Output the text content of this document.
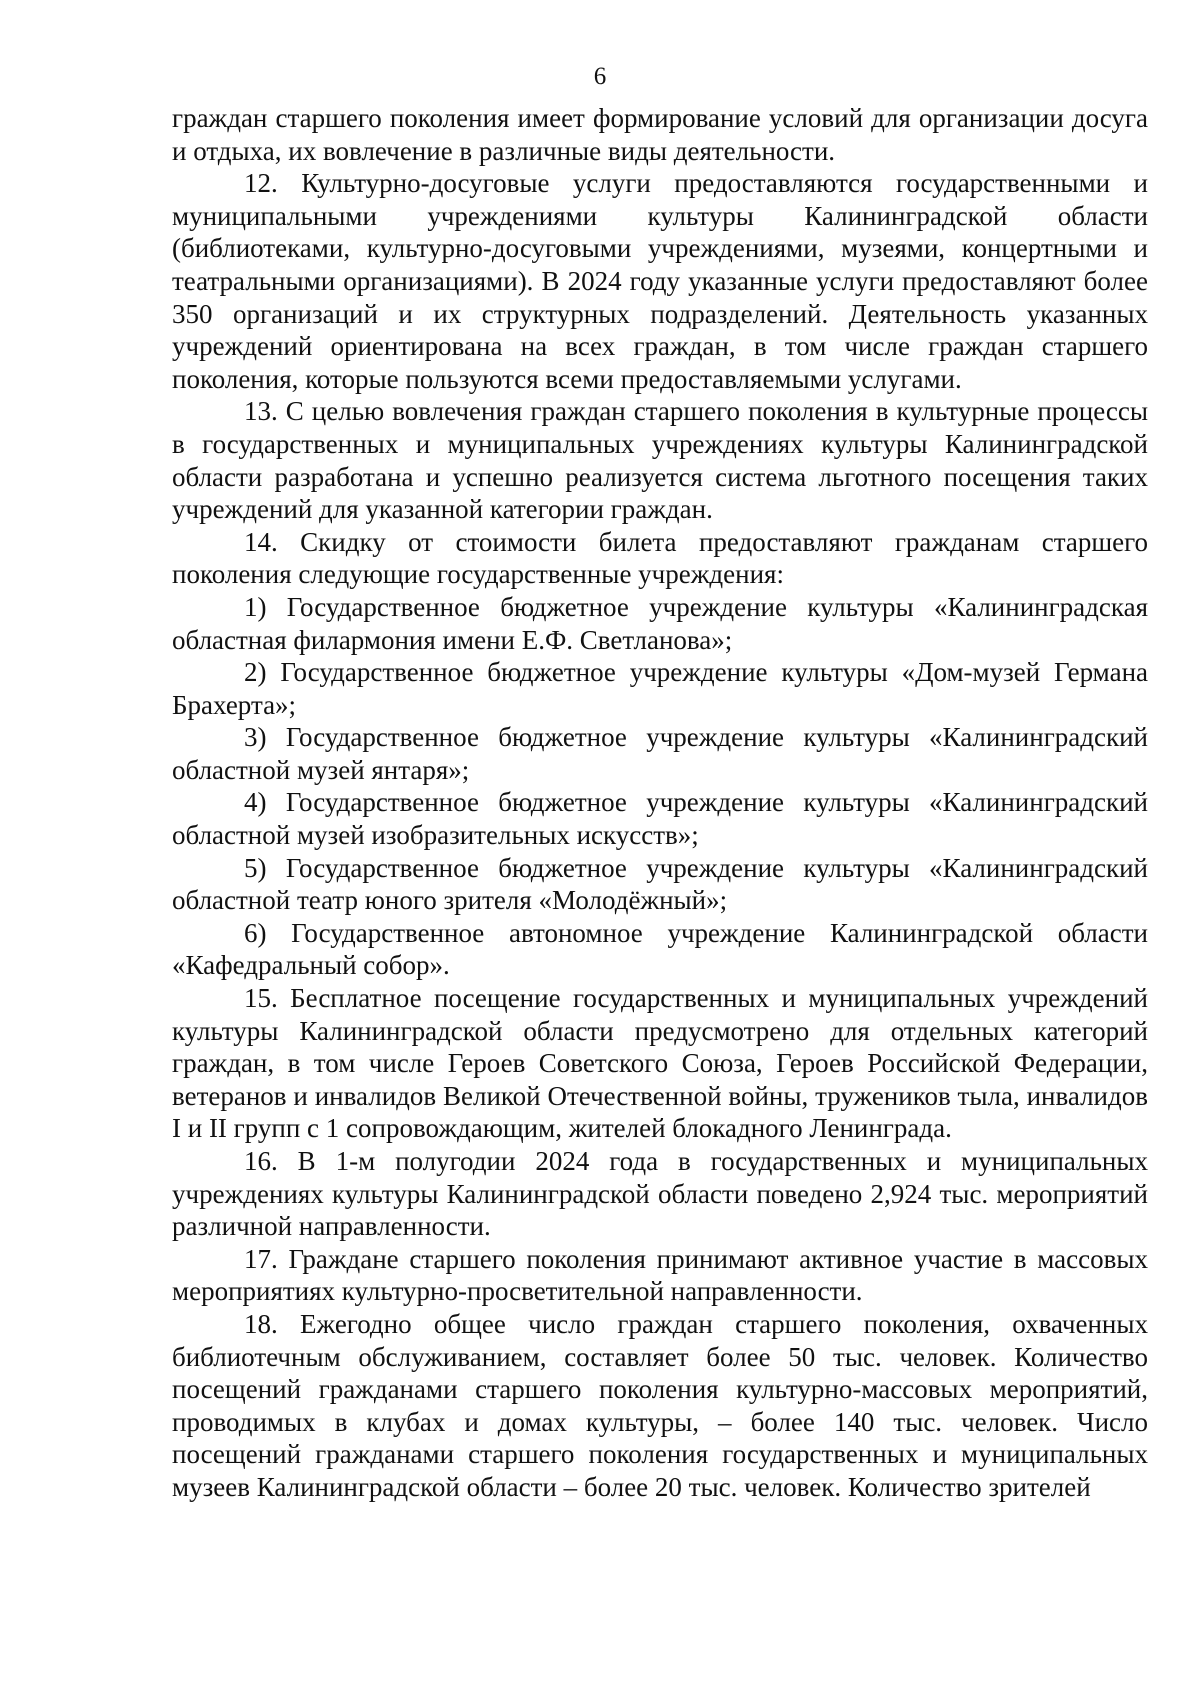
6

граждан старшего поколения имеет формирование условий для организации досуга и отдыха, их вовлечение в различные виды деятельности.

12. Культурно-досуговые услуги предоставляются государственными и муниципальными учреждениями культуры Калининградской области (библиотеками, культурно-досуговыми учреждениями, музеями, концертными и театральными организациями). В 2024 году указанные услуги предоставляют более 350 организаций и их структурных подразделений. Деятельность указанных учреждений ориентирована на всех граждан, в том числе граждан старшего поколения, которые пользуются всеми предоставляемыми услугами.

13. С целью вовлечения граждан старшего поколения в культурные процессы в государственных и муниципальных учреждениях культуры Калининградской области разработана и успешно реализуется система льготного посещения таких учреждений для указанной категории граждан.

14. Скидку от стоимости билета предоставляют гражданам старшего поколения следующие государственные учреждения:

1) Государственное бюджетное учреждение культуры «Калининградская областная филармония имени Е.Ф. Светланова»;

2) Государственное бюджетное учреждение культуры «Дом-музей Германа Брахерта»;

3) Государственное бюджетное учреждение культуры «Калининградский областной музей янтаря»;

4) Государственное бюджетное учреждение культуры «Калининградский областной музей изобразительных искусств»;

5) Государственное бюджетное учреждение культуры «Калининградский областной театр юного зрителя «Молодёжный»;

6) Государственное автономное учреждение Калининградской области «Кафедральный собор».

15. Бесплатное посещение государственных и муниципальных учреждений культуры Калининградской области предусмотрено для отдельных категорий граждан, в том числе Героев Советского Союза, Героев Российской Федерации, ветеранов и инвалидов Великой Отечественной войны, тружеников тыла, инвалидов I и II групп с 1 сопровождающим, жителей блокадного Ленинграда.

16. В 1-м полугодии 2024 года в государственных и муниципальных учреждениях культуры Калининградской области поведено 2,924 тыс. мероприятий различной направленности.

17. Граждане старшего поколения принимают активное участие в массовых мероприятиях культурно-просветительной направленности.

18. Ежегодно общее число граждан старшего поколения, охваченных библиотечным обслуживанием, составляет более 50 тыс. человек. Количество посещений гражданами старшего поколения культурно-массовых мероприятий, проводимых в клубах и домах культуры, – более 140 тыс. человек. Число посещений гражданами старшего поколения государственных и муниципальных музеев Калининградской области – более 20 тыс. человек. Количество зрителей
